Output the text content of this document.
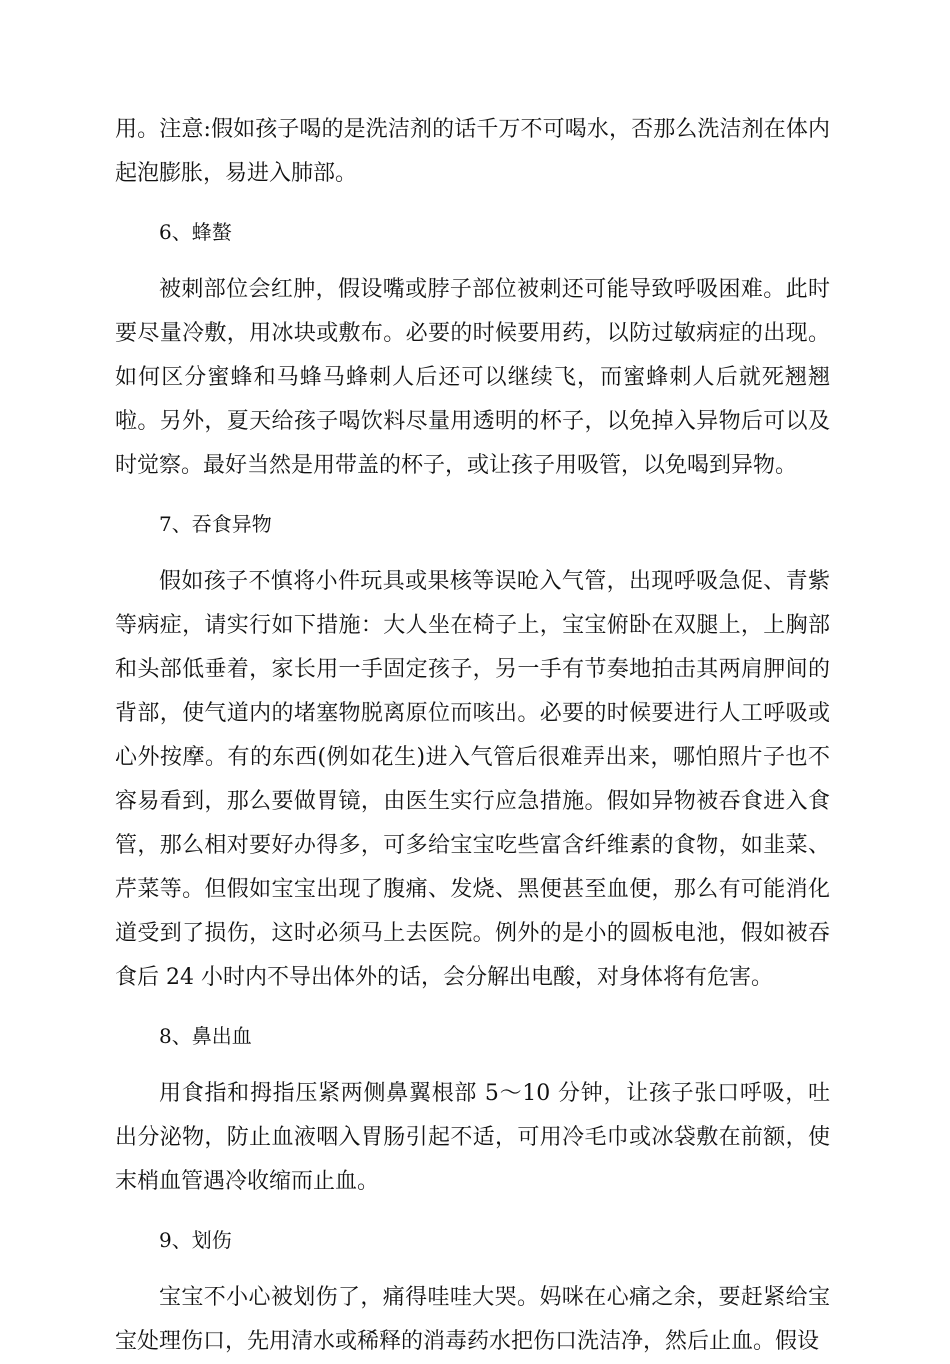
用。注意:假如孩子喝的是洗洁剂的话千万不可喝水，否那么洗洁剂在体内起泡膨胀，易进入肺部。

6、蜂螯

被刺部位会红肿，假设嘴或脖子部位被刺还可能导致呼吸困难。此时要尽量冷敷，用冰块或敷布。必要的时候要用药，以防过敏病症的出现。如何区分蜜蜂和马蜂马蜂刺人后还可以继续飞，而蜜蜂刺人后就死翘翘啦。另外，夏天给孩子喝饮料尽量用透明的杯子，以免掉入异物后可以及时觉察。最好当然是用带盖的杯子，或让孩子用吸管，以免喝到异物。

7、吞食异物

假如孩子不慎将小件玩具或果核等误呛入气管，出现呼吸急促、青紫等病症，请实行如下措施：大人坐在椅子上，宝宝俯卧在双腿上，上胸部和头部低垂着，家长用一手固定孩子，另一手有节奏地拍击其两肩胛间的背部，使气道内的堵塞物脱离原位而咳出。必要的时候要进行人工呼吸或心外按摩。有的东西(例如花生)进入气管后很难弄出来，哪怕照片子也不容易看到，那么要做胃镜，由医生实行应急措施。假如异物被吞食进入食管，那么相对要好办得多，可多给宝宝吃些富含纤维素的食物，如韭菜、芹菜等。但假如宝宝出现了腹痛、发烧、黑便甚至血便，那么有可能消化道受到了损伤，这时必须马上去医院。例外的是小的圆板电池，假如被吞食后 24 小时内不导出体外的话，会分解出电酸，对身体将有危害。

8、鼻出血

用食指和拇指压紧两侧鼻翼根部 5～10 分钟，让孩子张口呼吸，吐出分泌物，防止血液咽入胃肠引起不适，可用冷毛巾或冰袋敷在前额，使末梢血管遇冷收缩而止血。

9、划伤

宝宝不小心被划伤了，痛得哇哇大哭。妈咪在心痛之余，要赶紧给宝宝处理伤口，先用清水或稀释的消毒药水把伤口洗洁净，然后止血。假设
